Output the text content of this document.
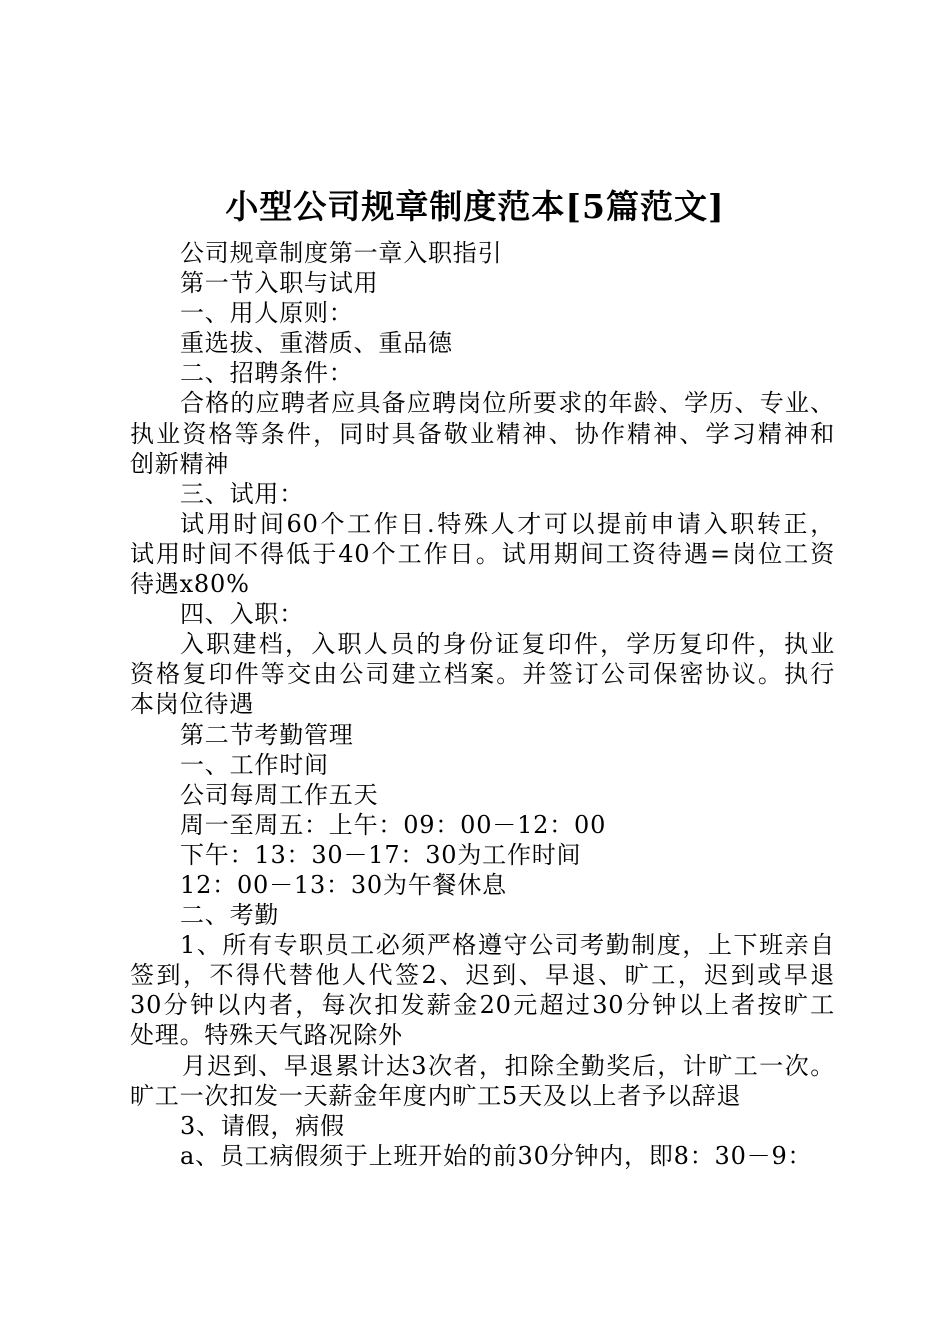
小型公司规章制度范本[5篇范文]
公司规章制度第一章入职指引
第一节入职与试用
一、用人原则：
重选拔、重潜质、重品德
二、招聘条件：
合格的应聘者应具备应聘岗位所要求的年龄、学历、专业、
执业资格等条件，同时具备敬业精神、协作精神、学习精神和
创新精神
三、试用：
试用时间60个工作日.特殊人才可以提前申请入职转正，
试用时间不得低于40个工作日。试用期间工资待遇=岗位工资
待遇x80%
四、入职：
入职建档，入职人员的身份证复印件，学历复印件，执业
资格复印件等交由公司建立档案。并签订公司保密协议。执行
本岗位待遇
第二节考勤管理
一、工作时间
公司每周工作五天
周一至周五：上午：09：00－12：00
下午：13：30－17：30为工作时间
12：00－13：30为午餐休息
二、考勤
1、所有专职员工必须严格遵守公司考勤制度，上下班亲自
签到，不得代替他人代签2、迟到、早退、旷工，迟到或早退
30分钟以内者，每次扣发薪金20元超过30分钟以上者按旷工
处理。特殊天气路况除外
月迟到、早退累计达3次者，扣除全勤奖后，计旷工一次。
旷工一次扣发一天薪金年度内旷工5天及以上者予以辞退
3、请假，病假
a、员工病假须于上班开始的前30分钟内，即8：30－9：
